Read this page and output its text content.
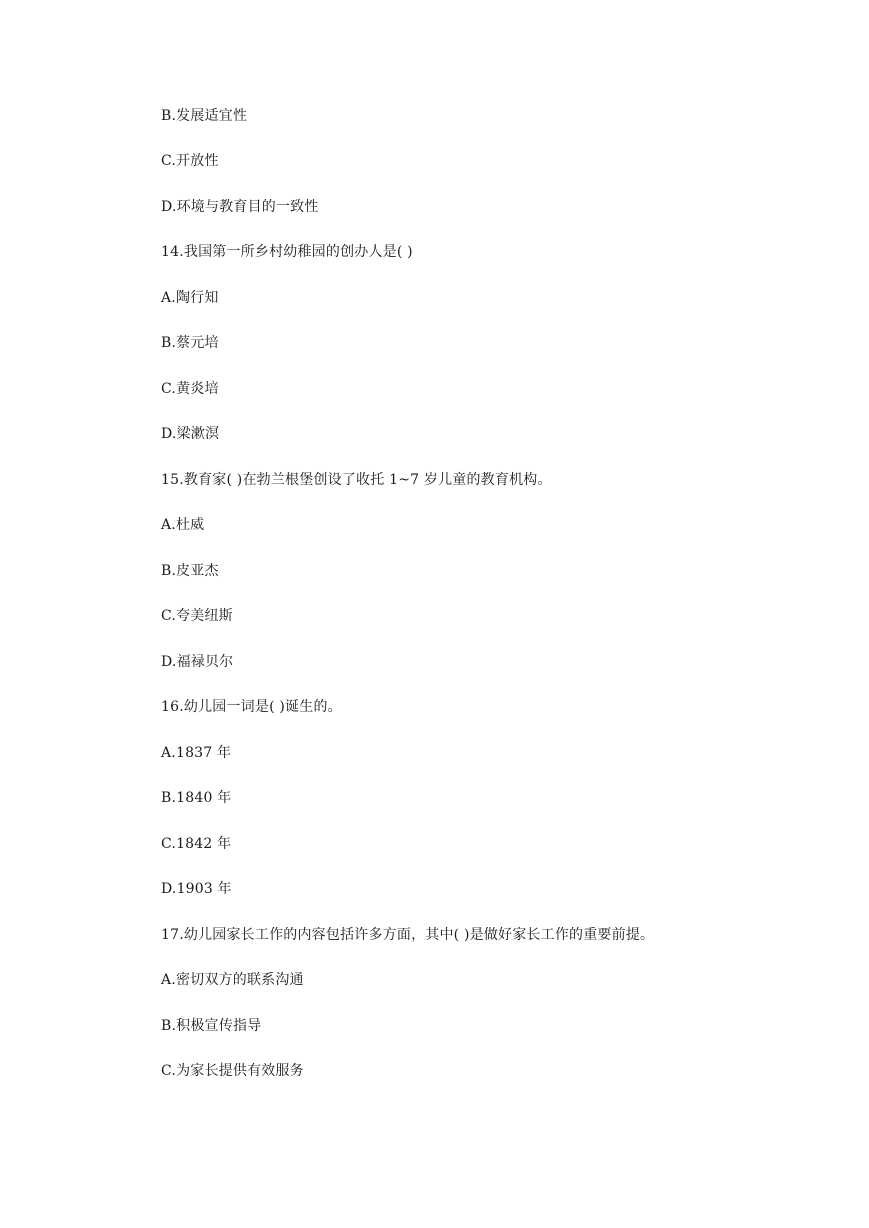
B.发展适宜性
C.开放性
D.环境与教育目的一致性
14.我国第一所乡村幼稚园的创办人是( )
A.陶行知
B.蔡元培
C.黄炎培
D.梁漱溟
15.教育家( )在勃兰根堡创设了收托 1~7 岁儿童的教育机构。
A.杜威
B.皮亚杰
C.夸美纽斯
D.福禄贝尔
16.幼儿园一词是( )诞生的。
A.1837 年
B.1840 年
C.1842 年
D.1903 年
17.幼儿园家长工作的内容包括许多方面，其中( )是做好家长工作的重要前提。
A.密切双方的联系沟通
B.积极宣传指导
C.为家长提供有效服务
